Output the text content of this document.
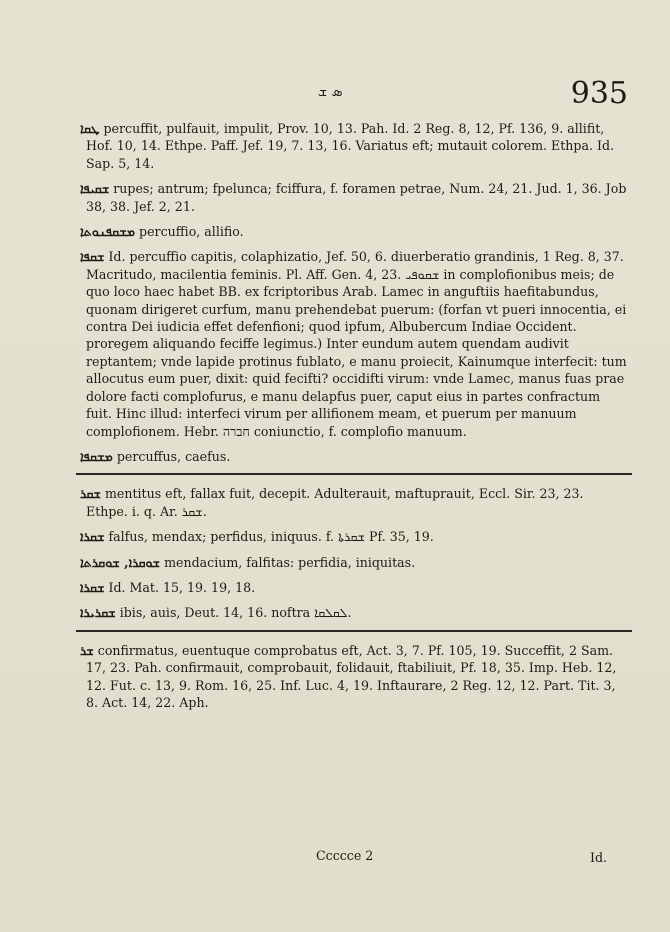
ܣ ܫ	935

ܛܩܐ percuffit, pulfauit, impulit, Prov. 10, 13. Pah. Id. 2 Reg. 8, 12, Pf. 136, 9. allifit, Hof. 10, 14. Ethpe. Paff. Jef. 19, 7. 13, 16. Variatus eft; mutauit colorem. Ethpa. Id. Sap. 5, 14.

ܫܩܝܦܐ rupes; antrum; fpelunca; fciffura, f. foramen petrae, Num. 24, 21. Jud. 1, 36. Job 38, 38. Jef. 2, 21.

ܡܫܩܦܢܘܬܐ percuffio, allifio.

ܫܩܦܐ Id. percuffio capitis, colaphizatio, Jef. 50, 6. diuerberatio grandinis, 1 Reg. 8, 37. Macritudo, macilentia feminis. Pl. Aff. Gen. 4, 23. ܫܩܘܦܝ in complofionibus meis; de quo loco haec habet BB. ex fcriptoribus Arab. Lamec in anguftiis haefitabundus, quonam dirigeret curfum, manu prehendebat puerum: (forfan vt pueri innocentia, ei contra Dei iudicia effet defenfioni; quod ipfum, Albubercum Indiae Occident. proregem aliquando feciffe legimus.) Inter eundum autem quendam audivit reptantem; vnde lapide protinus fublato, e manu proiecit, Kainumque interfecit: tum allocutus eum puer, dixit: quid fecifti? occidifti virum: vnde Lamec, manus fuas prae dolore facti complofurus, e manu delapfus puer, caput eius in partes confractum fuit. Hinc illud: interfeci virum per allifionem meam, et puerum per manuum complofionem. Hebr. חברה coniunctio, f. complofio manuum.

ܡܫܩܦܐ percuffus, caefus.

ܫܩܪ mentitus eft, fallax fuit, decepit. Adulterauit, maftuprauit, Eccl. Sir. 23, 23. Ethpe. i. q. Ar. ܫܩܪ.

ܫܩܪܐ falfus, mendax; perfidus, iniquus. f. ܫܩܪܬܐ Pf. 35, 19.

ܫܘܩܪܐ, ܫܘܩܪܬܐ mendacium, falfitas: perfidia, iniquitas.

ܫܩܪܐ Id. Mat. 15, 19. 19, 18.

ܫܩܪܝܪܐ ibis, auis, Deut. 14, 16. noftra ܠܩܠܩܐ.

ܫܪ confirmatus, euentuque comprobatus eft, Act. 3, 7. Pf. 105, 19. Succeffit, 2 Sam. 17, 23. Pah. confirmauit, comprobauit, folidauit, ftabiliuit, Pf. 18, 35. Imp. Heb. 12, 12. Fut. c. 13, 9. Rom. 16, 25. Inf. Luc. 4, 19. Inftaurare, 2 Reg. 12, 12. Part. Tit. 3, 8. Act. 14, 22. Aph.

Ccccce 2	Id.
